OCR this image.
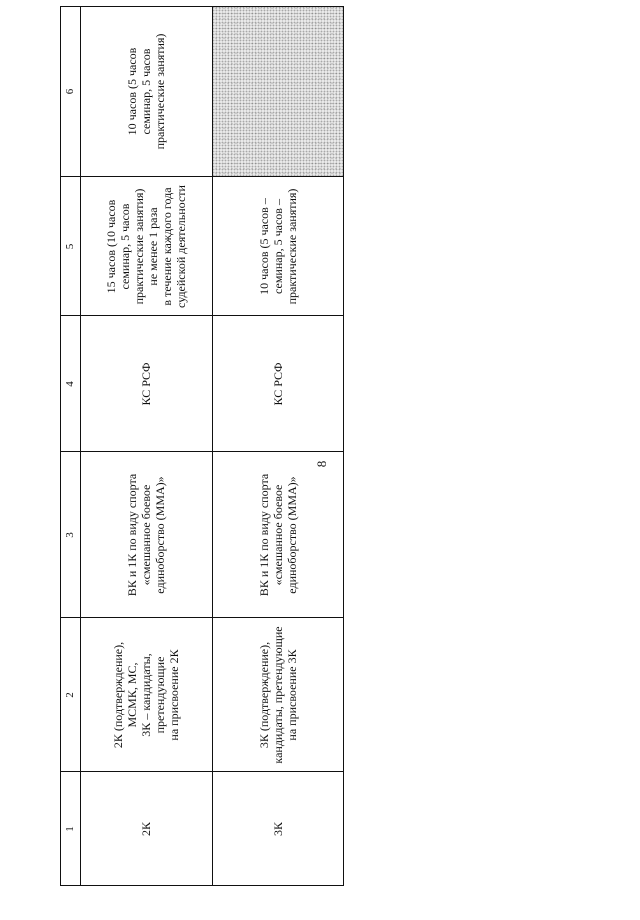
8
1
2
3
4
5
6
2К
2К (подтверждение), МСМК, МС, 3К – кандидаты, претендующие на присвоение 2К
ВК и 1К по виду спорта «смешанное боевое единоборство (ММА)»
КС РСФ
15 часов (10 часов семинар, 5 часов практические занятия) не менее 1 раза в течение каждого года судейской деятельности
10 часов (5 часов семинар, 5 часов практические занятия)
3К
3К (подтверждение), кандидаты, претендующие на присвоение 3К
ВК и 1К по виду спорта «смешанное боевое единоборство (ММА)»
КС РСФ
10 часов (5 часов – семинар, 5 часов – практические занятия)
